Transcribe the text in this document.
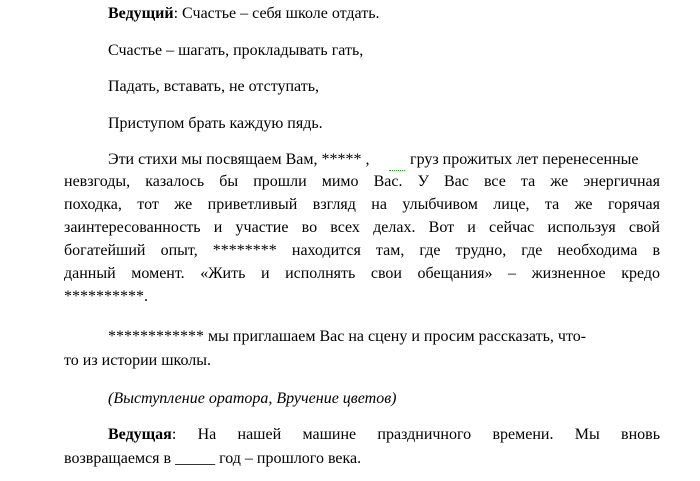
Ведущий: Счастье – себя школе отдать.
Счастье – шагать, прокладывать гать,
Падать, вставать, не отступать,
Приступом брать каждую пядь.
Эти стихи мы посвящаем Вам, ***** ,	груз прожитых лет перенесенные
невзгоды, казалось бы прошли мимо Вас. У Вас все та же энергичная
походка, тот же приветливый взгляд на улыбчивом лице, та же горячая
заинтересованность и участие во всех делах. Вот и сейчас используя свой
богатейший опыт, ******** находится там, где трудно, где необходима в
данный момент. «Жить и исполнять свои обещания» – жизненное кредо
**********.
************ мы приглашаем Вас на сцену и просим рассказать, что-
то из истории школы.
(Выступление оратора, Вручение цветов)
Ведущая: На нашей машине праздничного времени. Мы вновь
возвращаемся в _____ год – прошлого века.
